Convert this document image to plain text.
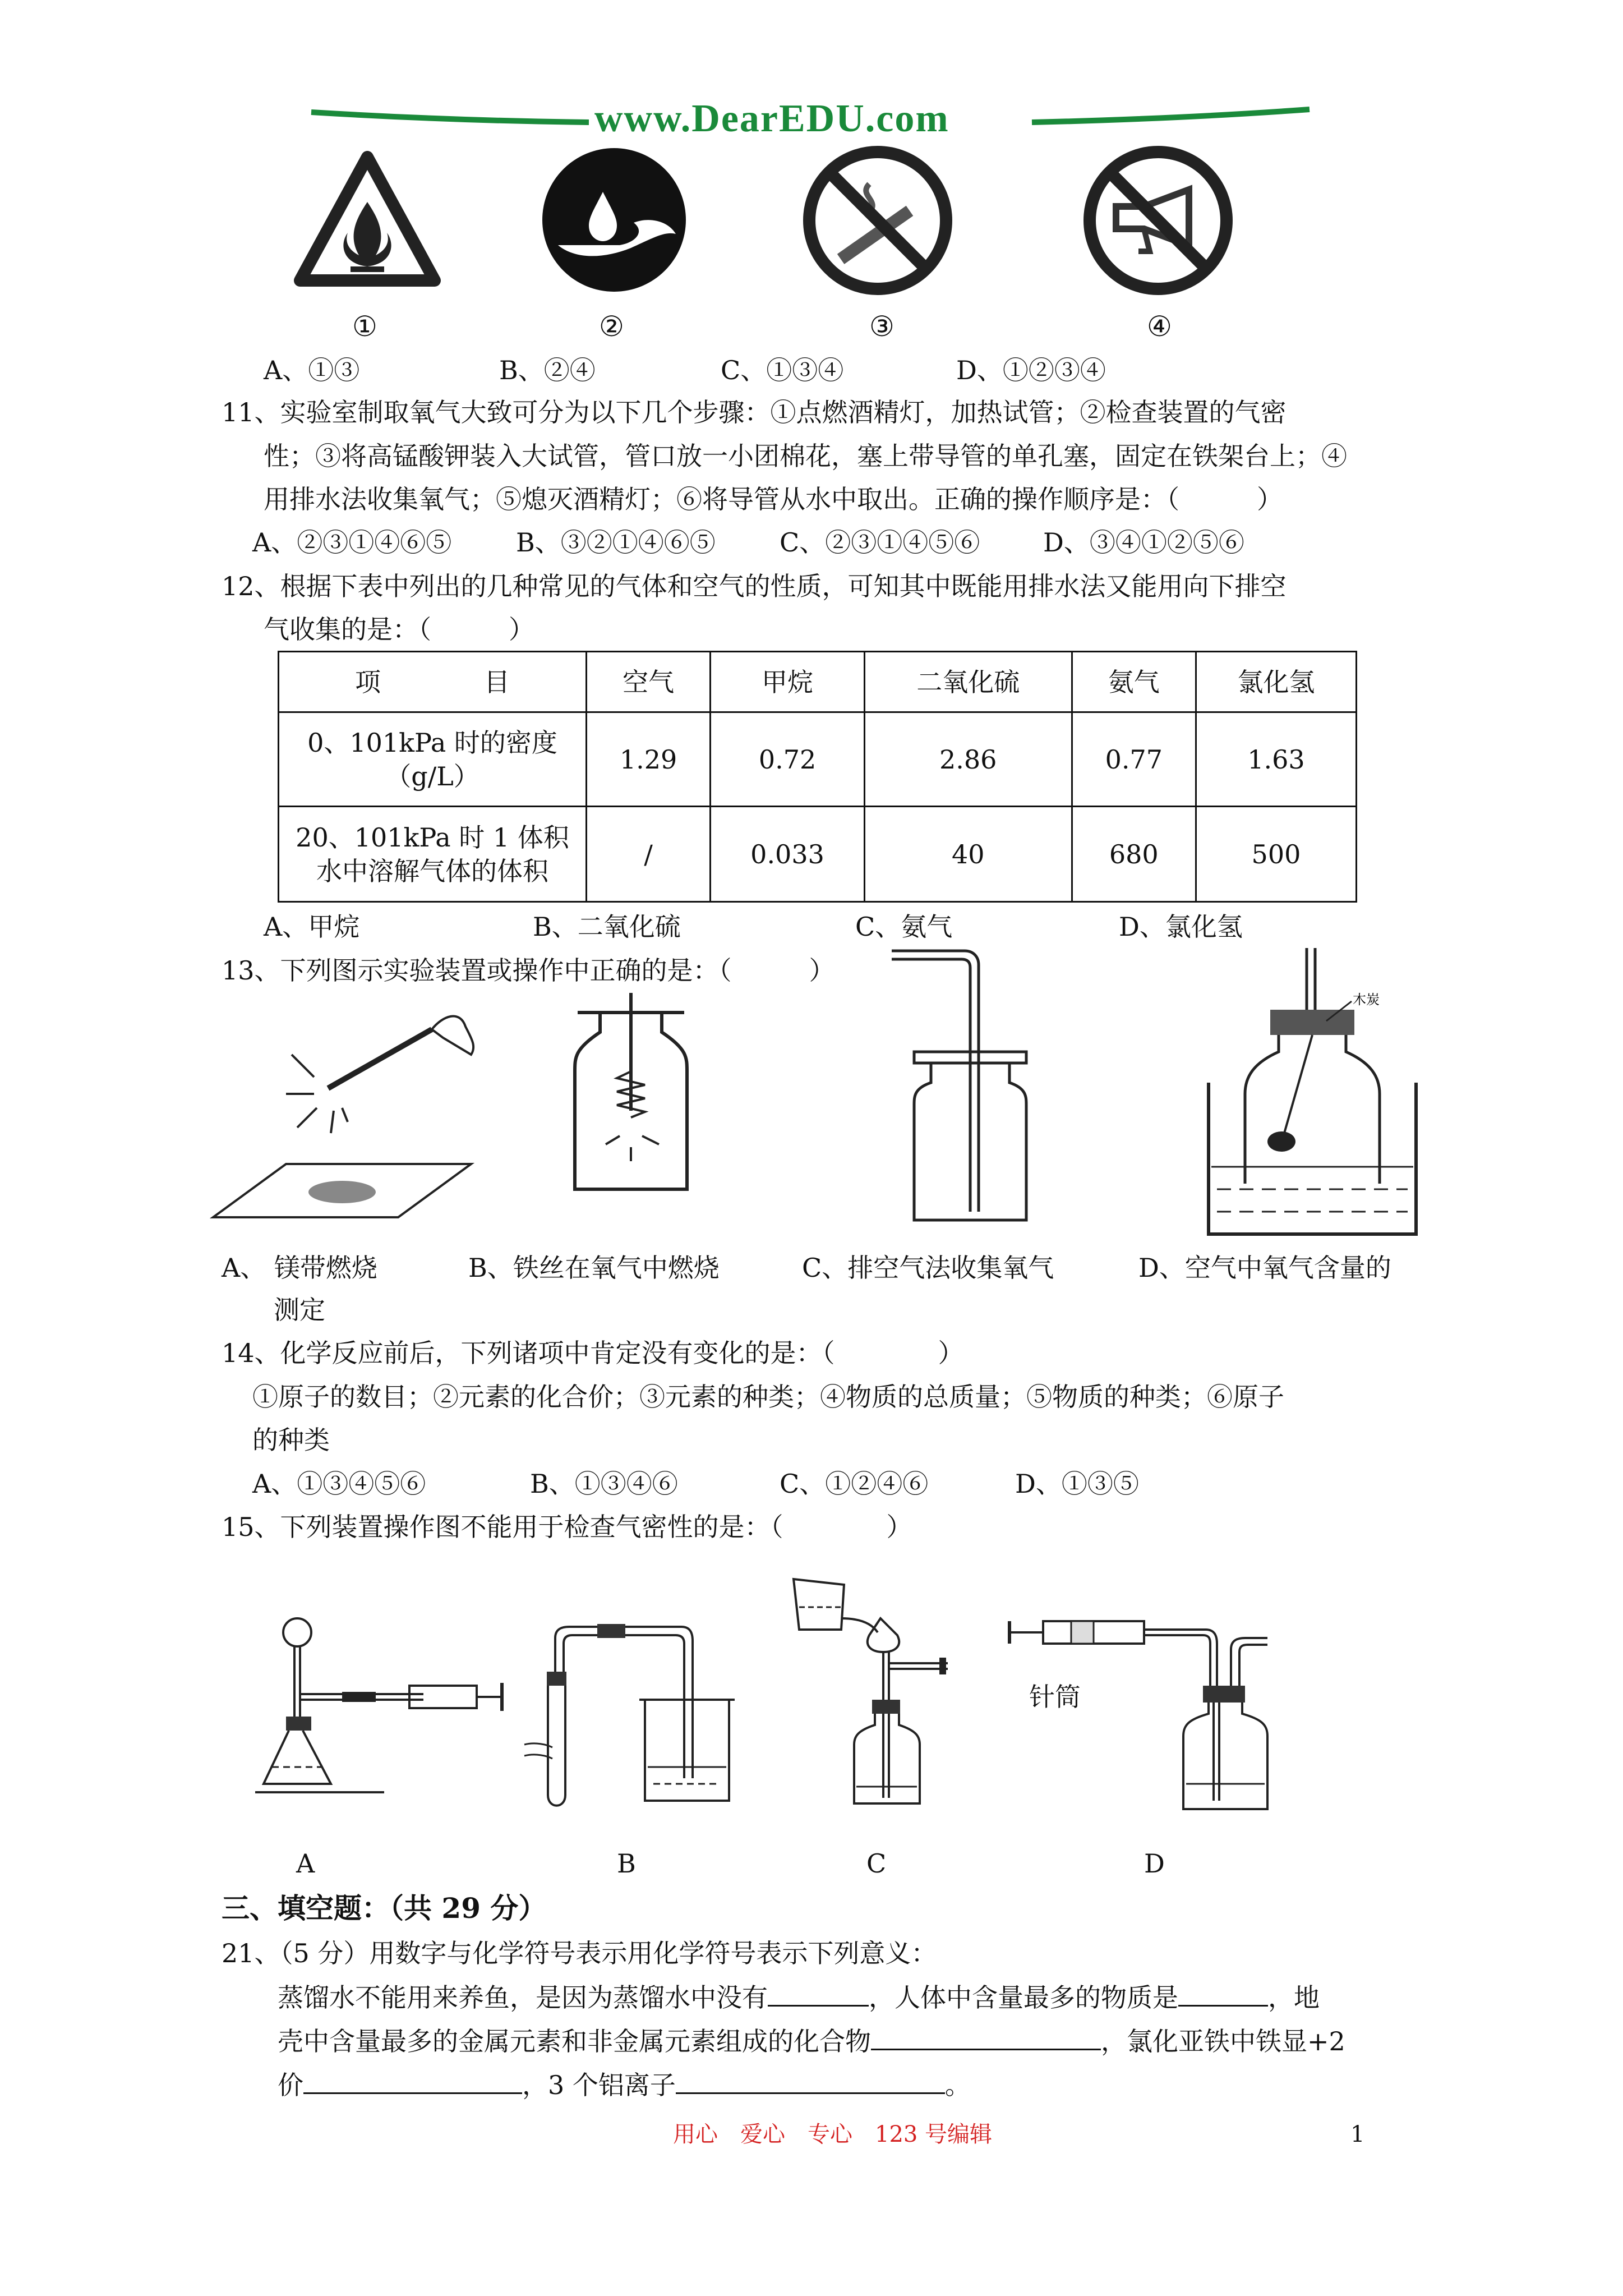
www.DearEDU.com
①	②	③	④
A、①③	B、②④	C、①③④	D、①②③④
11、实验室制取氧气大致可分为以下几个步骤：①点燃酒精灯，加热试管；②检查装置的气密
性；③将高锰酸钾装入大试管，管口放一小团棉花，塞上带导管的单孔塞，固定在铁架台上；④
用排水法收集氧气；⑤熄灭酒精灯；⑥将导管从水中取出。正确的操作顺序是：（　　　）
A、②③①④⑥⑤ B、③②①④⑥⑤ C、②③①④⑤⑥ D、③④①②⑤⑥
12、根据下表中列出的几种常见的气体和空气的性质，可知其中既能用排水法又能用向下排空
气收集的是：（　　　）
项　　　　目	空气	甲烷	二氧化硫	氨气	氯化氢

0、101kPa 时的密度
（g/L）	1.29	0.72	2.86	0.77	1.63

20、101kPa 时 1 体积
水中溶解气体的体积	/	0.033	40	680	500
A、甲烷	B、二氧化硫	C、氨气	D、氯化氢
13、下列图示实验装置或操作中正确的是：（　　　）
木炭
A、 镁带燃烧	B、铁丝在氧气中燃烧	C、排空气法收集氧气	D、空气中氧气含量的
测定
14、化学反应前后，下列诸项中肯定没有变化的是：（　　　　）
①原子的数目；②元素的化合价；③元素的种类；④物质的总质量；⑤物质的种类；⑥原子
的种类
A、①③④⑤⑥	B、①③④⑥	C、①②④⑥	D、①③⑤
15、下列装置操作图不能用于检查气密性的是：（　　　　）
针筒
A	B	C	D
三、填空题：（共 29 分）
21、（5 分）用数字与化学符号表示用化学符号表示下列意义：
蒸馏水不能用来养鱼，是因为蒸馏水中没有	，人体中含量最多的物质是	，地
壳中含量最多的金属元素和非金属元素组成的化合物	，氯化亚铁中铁显+2
价	，3 个铝离子	。
用心　爱心　专心　123 号编辑	1
